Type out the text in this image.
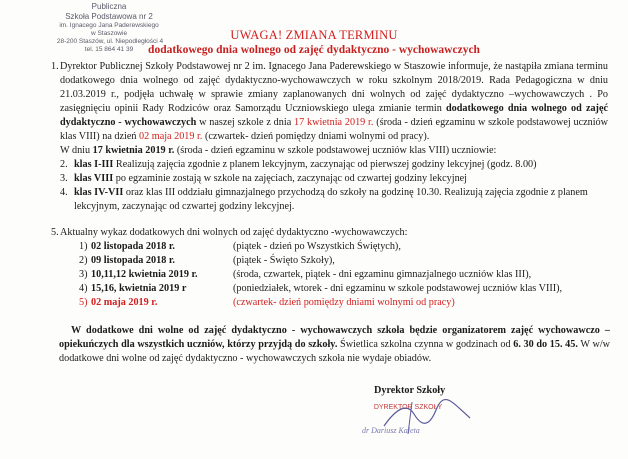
Publiczna
Szkoła Podstawowa nr 2
im. Ignacego Jana Paderewskiego
w Staszowie
28-200 Staszów, ul. Niepodległości 4
tel. 15 864 41 39
UWAGA! ZMIANA TERMINU
dodatkowego dnia wolnego od zajęć dydaktyczno - wychowawczych
1. Dyrektor Publicznej Szkoły Podstawowej nr 2 im. Ignacego Jana Paderewskiego w Staszowie informuje, że nastąpiła zmiana terminu dodatkowego dnia wolnego od zajęć dydaktyczno-wychowawczych w roku szkolnym 2018/2019. Rada Pedagogiczna w dniu 21.03.2019 r., podjęła uchwałę w sprawie zmiany zaplanowanych dni wolnych od zajęć dydaktyczno –wychowawczych . Po zasięgnięciu opinii Rady Rodziców oraz Samorządu Uczniowskiego ulega zmianie termin dodatkowego dnia wolnego od zajęć dydaktyczno - wychowawczych w naszej szkole z dnia 17 kwietnia 2019 r. (środa - dzień egzaminu w szkole podstawowej uczniów klas VIII) na dzień 02 maja 2019 r. (czwartek- dzień pomiędzy dniami wolnymi od pracy).
W dniu 17 kwietnia 2019 r. (środa - dzień egzaminu w szkole podstawowej uczniów klas VIII) uczniowie:
2. klas I-III Realizują zajęcia zgodnie z planem lekcyjnym, zaczynając od pierwszej godziny lekcyjnej (godz. 8.00)
3. klas VIII po egzaminie zostają w szkole na zajęciach, zaczynając od czwartej godziny lekcyjnej
4. klas IV-VII oraz klas III oddziału gimnazjalnego przychodzą do szkoły na godzinę 10.30. Realizują zajęcia zgodnie z planem lekcyjnym, zaczynając od czwartej godziny lekcyjnej.
5. Aktualny wykaz dodatkowych dni wolnych od zajęć dydaktyczno -wychowawczych:
1) 02 listopada 2018 r.	(piątek - dzień po Wszystkich Świętych),
2) 09 listopada 2018 r.	(piątek - Święto Szkoły),
3) 10,11,12 kwietnia 2019 r.	(środa, czwartek, piątek - dni egzaminu gimnazjalnego uczniów klas III),
4) 15,16, kwietnia 2019 r	(poniedziałek, wtorek - dni egzaminu w szkole podstawowej uczniów klas VIII),
5) 02 maja 2019 r.	(czwartek- dzień pomiędzy dniami wolnymi od pracy)
W dodatkowe dni wolne od zajęć dydaktyczno - wychowawczych szkoła będzie organizatorem zajęć wychowawczo – opiekuńczych dla wszystkich uczniów, którzy przyjdą do szkoły. Świetlica szkolna czynna w godzinach od 6. 30 do 15. 45. W w/w dodatkowe dni wolne od zajęć dydaktyczno - wychowawczych szkoła nie wydaje obiadów.
Dyrektor Szkoły
DYREKTOR SZKOŁY
dr Dariusz Kaleta
